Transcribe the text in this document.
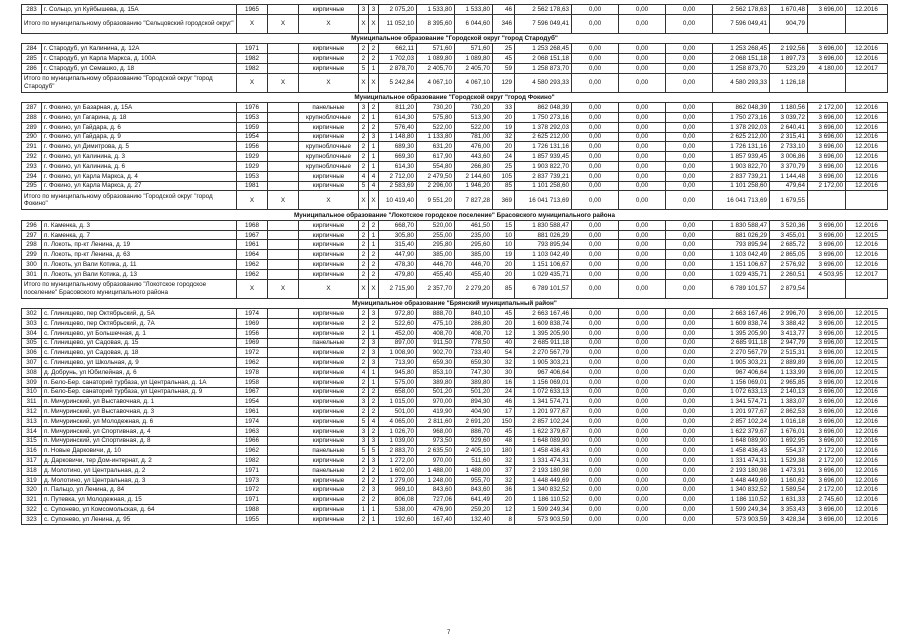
283	г. Сольцо, ул Куйбышева, д. 15А	1965		кирпичные	3	3	2 075,20	1 533,80	1 533,80	46	2 562 178,63	0,00	0,00	0,00	2 562 178,63	1 670,48	3 696,00	12.2016
Итого по муниципальному образованию "Сельцовский городской округ"		X	X	X	X	X	11 052,10	8 395,60	6 044,60	346	7 596 049,41	0,00	0,00	0,00	7 596 049,41	904,79		
Муниципальное образование "Городской округ "город Стародуб"																		
284	г. Стародуб, ул Калинина, д. 12А	1971		кирпичные	2	2	662,11	571,60	571,60	25	1 253 268,45	0,00	0,00	0,00	1 253 268,45	2 192,56	3 696,00	12.2016
285	г. Стародуб, ул Карла Маркса, д. 100А	1982		кирпичные	2	2	1 702,03	1 089,80	1 089,80	45	2 068 151,18	0,00	0,00	0,00	2 068 151,18	1 897,73	3 696,00	12.2016
286	г. Стародуб, ул Семашко, д. 18	1982		кирпичные	5	1	2 878,70	2 405,70	2 405,70	59	1 258 873,70	0,00	0,00	0,00	1 258 873,70	523,29	4 180,00	12.2017
Итого по муниципальному образованию "Городской округ "город Стародуб"		X	X	X	X	X	5 242,84	4 067,10	4 067,10	129	4 580 293,33	0,00	0,00	0,00	4 580 293,33	1 126,18		
Муниципальное образование "Городской округ "город Фокино"																		
287	г. Фокино, ул Базарная, д. 15А	1976		панельные	3	2	811,20	730,20	730,20	33	862 048,39	0,00	0,00	0,00	862 048,39	1 180,56	2 172,00	12.2016
288	г. Фокино, ул Гагарина, д. 18	1953		крупноблочные	2	1	614,30	575,80	513,90	20	1 750 273,16	0,00	0,00	0,00	1 750 273,16	3 039,72	3 696,00	12.2016
289	г. Фокино, ул Гайдара, д. 6	1959		кирпичные	2	2	576,40	522,00	522,00	19	1 378 292,03	0,00	0,00	0,00	1 378 292,03	2 640,41	3 696,00	12.2016
290	г. Фокино, ул Гайдара, д. 9	1954		кирпичные	2	3	1 148,80	1 133,80	781,00	32	2 625 212,00	0,00	0,00	0,00	2 625 212,00	2 315,41	3 696,00	12.2016
291	г. Фокино, ул Димитрова, д. 5	1956		крупноблочные	2	1	689,30	631,20	476,00	20	1 726 131,16	0,00	0,00	0,00	1 726 131,16	2 733,10	3 696,00	12.2016
292	г. Фокино, ул Калинина, д. 3	1929		крупноблочные	2	1	669,30	617,90	443,60	24	1 857 939,45	0,00	0,00	0,00	1 857 939,45	3 006,86	3 696,00	12.2016
293	г. Фокино, ул Калинина, д. 6	1929		крупноблочные	2	1	614,30	554,80	266,80	25	1 903 822,70	0,00	0,00	0,00	1 903 822,70	3 370,79	3 696,00	12.2016
294	г. Фокино, ул Карла Маркса, д. 4	1953		кирпичные	4	4	2 712,00	2 479,50	2 144,60	105	2 837 739,21	0,00	0,00	0,00	2 837 739,21	1 144,48	3 696,00	12.2016
295	г. Фокино, ул Карла Маркса, д. 27	1981		кирпичные	5	4	2 583,69	2 296,00	1 946,20	85	1 101 258,60	0,00	0,00	0,00	1 101 258,60	479,64	2 172,00	12.2016
Итого по муниципальному образованию "Городской округ "город Фокино"		X	X	X	X	X	10 419,40	9 551,20	7 827,28	369	16 041 713,69	0,00	0,00	0,00	16 041 713,69	1 679,55		
Муниципальное образование "Локотское городское поселение" Брасовского муниципального района																		
296	п. Каменка, д. 3	1968		кирпичные	2	2	668,70	520,00	461,50	15	1 830 588,47	0,00	0,00	0,00	1 830 588,47	3 520,36	3 696,00	12.2016
297	п. Каменка, д. 7	1967		кирпичные	2	1	305,80	255,00	235,00	10	881 026,29	0,00	0,00	0,00	881 026,29	3 455,01	3 696,00	12.2015
298	п. Локоть, пр-кт Ленина, д. 19	1961		кирпичные	2	1	315,40	295,80	295,60	10	793 895,94	0,00	0,00	0,00	793 895,94	2 685,72	3 696,00	12.2016
299	п. Локоть, пр-кт Ленина, д. 63	1964		кирпичные	2	2	447,90	385,00	385,00	19	1 103 042,49	0,00	0,00	0,00	1 103 042,49	2 865,05	3 696,00	12.2016
300	п. Локоть, ул Вали Котика, д. 11	1962		кирпичные	2	2	478,30	446,70	446,70	20	1 151 106,67	0,00	0,00	0,00	1 151 106,67	2 576,92	3 696,00	12.2016
301	п. Локоть, ул Вали Котика, д. 13	1962		кирпичные	2	2	479,80	455,40	455,40	20	1 029 435,71	0,00	0,00	0,00	1 029 435,71	2 260,51	4 503,95	12.2017
Итого по муниципальному образованию "Локотское городское поселение" Брасовского муниципального района		X	X	X	X	X	2 715,90	2 357,70	2 279,20	85	6 789 101,57	0,00	0,00	0,00	6 789 101,57	2 879,54		
Муниципальное образование "Брянский муниципальный район"																		
302	с. Глинищево, пер Октябрьский, д. 5А	1974		кирпичные	2	3	972,80	888,70	840,10	45	2 663 167,46	0,00	0,00	0,00	2 663 167,46	2 996,70	3 696,00	12.2015
303	с. Глинищево, пер Октябрьский, д. 7А	1969		кирпичные	2	2	522,60	475,10	286,80	20	1 609 838,74	0,00	0,00	0,00	1 609 838,74	3 388,42	3 696,00	12.2015
304	с. Глинищево, ул Большечная, д. 1	1956		кирпичные	2	1	452,00	408,70	408,70	12	1 395 205,90	0,00	0,00	0,00	1 395 205,90	3 413,77	3 696,00	12.2015
305	с. Глинищево, ул Садовая, д. 15	1969		панельные	2	3	897,00	911,50	778,50	40	2 685 911,18	0,00	0,00	0,00	2 685 911,18	2 947,79	3 696,00	12.2015
306	с. Глинищево, ул Садовая, д. 18	1972		кирпичные	2	3	1 008,90	902,70	733,40	54	2 270 567,79	0,00	0,00	0,00	2 270 567,79	2 515,31	3 696,00	12.2015
307	с. Глинищево, ул Школьная, д. 9	1962		кирпичные	2	3	713,90	659,30	659,30	32	1 905 303,21	0,00	0,00	0,00	1 905 303,21	2 889,89	3 696,00	12.2015
308	д. Добрунь, ул Юбилейная, д. 6	1978		кирпичные	4	1	945,80	853,10	747,30	30	967 406,64	0,00	0,00	0,00	967 406,64	1 133,99	3 696,00	12.2015
309	п. Бело-Бер. санаторий турбаза, ул Центральная, д. 1А	1958		кирпичные	2	1	575,00	389,80	389,80	16	1 156 069,01	0,00	0,00	0,00	1 156 069,01	2 965,85	3 696,00	12.2016
310	п. Бело-Бер. санаторий турбаза, ул Центральная, д. 9	1967		кирпичные	2	2	658,00	501,20	501,20	24	1 072 633,13	0,00	0,00	0,00	1 072 633,13	2 140,13	3 696,00	12.2016
311	п. Мичуринский, ул Выставочная, д. 1	1954		кирпичные	3	2	1 015,00	970,00	894,30	46	1 341 574,71	0,00	0,00	0,00	1 341 574,71	1 383,07	3 696,00	12.2016
312	п. Мичуринский, ул Выставочная, д. 3	1961		кирпичные	2	2	501,00	419,90	404,90	17	1 201 977,67	0,00	0,00	0,00	1 201 977,67	2 862,53	3 696,00	12.2016
313	п. Мичуринский, ул Молодежная, д. 6	1974		кирпичные	5	4	4 065,00	2 811,60	2 691,20	150	2 857 102,24	0,00	0,00	0,00	2 857 102,24	1 016,18	3 696,00	12.2016
314	п. Мичуринский, ул Спортивная, д. 4	1963		кирпичные	3	2	1 026,70	968,00	886,70	45	1 622 379,67	0,00	0,00	0,00	1 622 379,67	1 676,01	3 696,00	12.2016
315	п. Мичуринский, ул Спортивная, д. 8	1966		кирпичные	3	3	1 039,00	973,50	929,60	48	1 648 089,90	0,00	0,00	0,00	1 648 089,90	1 692,95	3 696,00	12.2016
316	п. Новые Дарковичи, д. 10	1962		панельные	5	5	2 883,70	2 635,50	2 405,10	180	1 458 436,43	0,00	0,00	0,00	1 458 436,43	554,37	2 172,00	12.2016
317	д. Дарковичи, тер Дом-интернат, д. 2	1982		кирпичные	2	3	1 272,00	970,00	511,60	32	1 331 474,31	0,00	0,00	0,00	1 331 474,31	1 529,38	2 172,00	12.2016
318	д. Молотино, ул Центральная, д. 2	1971		панельные	2	2	1 602,00	1 488,00	1 488,00	37	2 193 180,98	0,00	0,00	0,00	2 193 180,98	1 473,91	3 696,00	12.2016
319	д. Молотино, ул Центральная, д. 3	1973		кирпичные	2	2	1 279,00	1 248,00	955,70	32	1 448 449,69	0,00	0,00	0,00	1 448 449,69	1 160,62	3 696,00	12.2016
320	п. Пальцо, ул Ленина, д. 84	1972		кирпичные	2	3	969,10	843,60	843,60	36	1 340 832,52	0,00	0,00	0,00	1 340 832,52	1 589,54	2 172,00	12.2016
321	п. Путевка, ул Молодежная, д. 15	1971		кирпичные	2	2	806,08	727,06	641,49	20	1 186 110,52	0,00	0,00	0,00	1 186 110,52	1 631,33	2 745,60	12.2016
322	с. Супонево, ул Комсомольская, д. 64	1988		кирпичные	1	1	538,00	476,90	259,20	12	1 599 249,34	0,00	0,00	0,00	1 599 249,34	3 353,43	3 696,00	12.2016
323	с. Супонево, ул Ленина, д. 95	1955		кирпичные	2	1	192,60	167,40	132,40	8	573 903,59	0,00	0,00	0,00	573 903,59	3 428,34	3 696,00	12.2016
7
